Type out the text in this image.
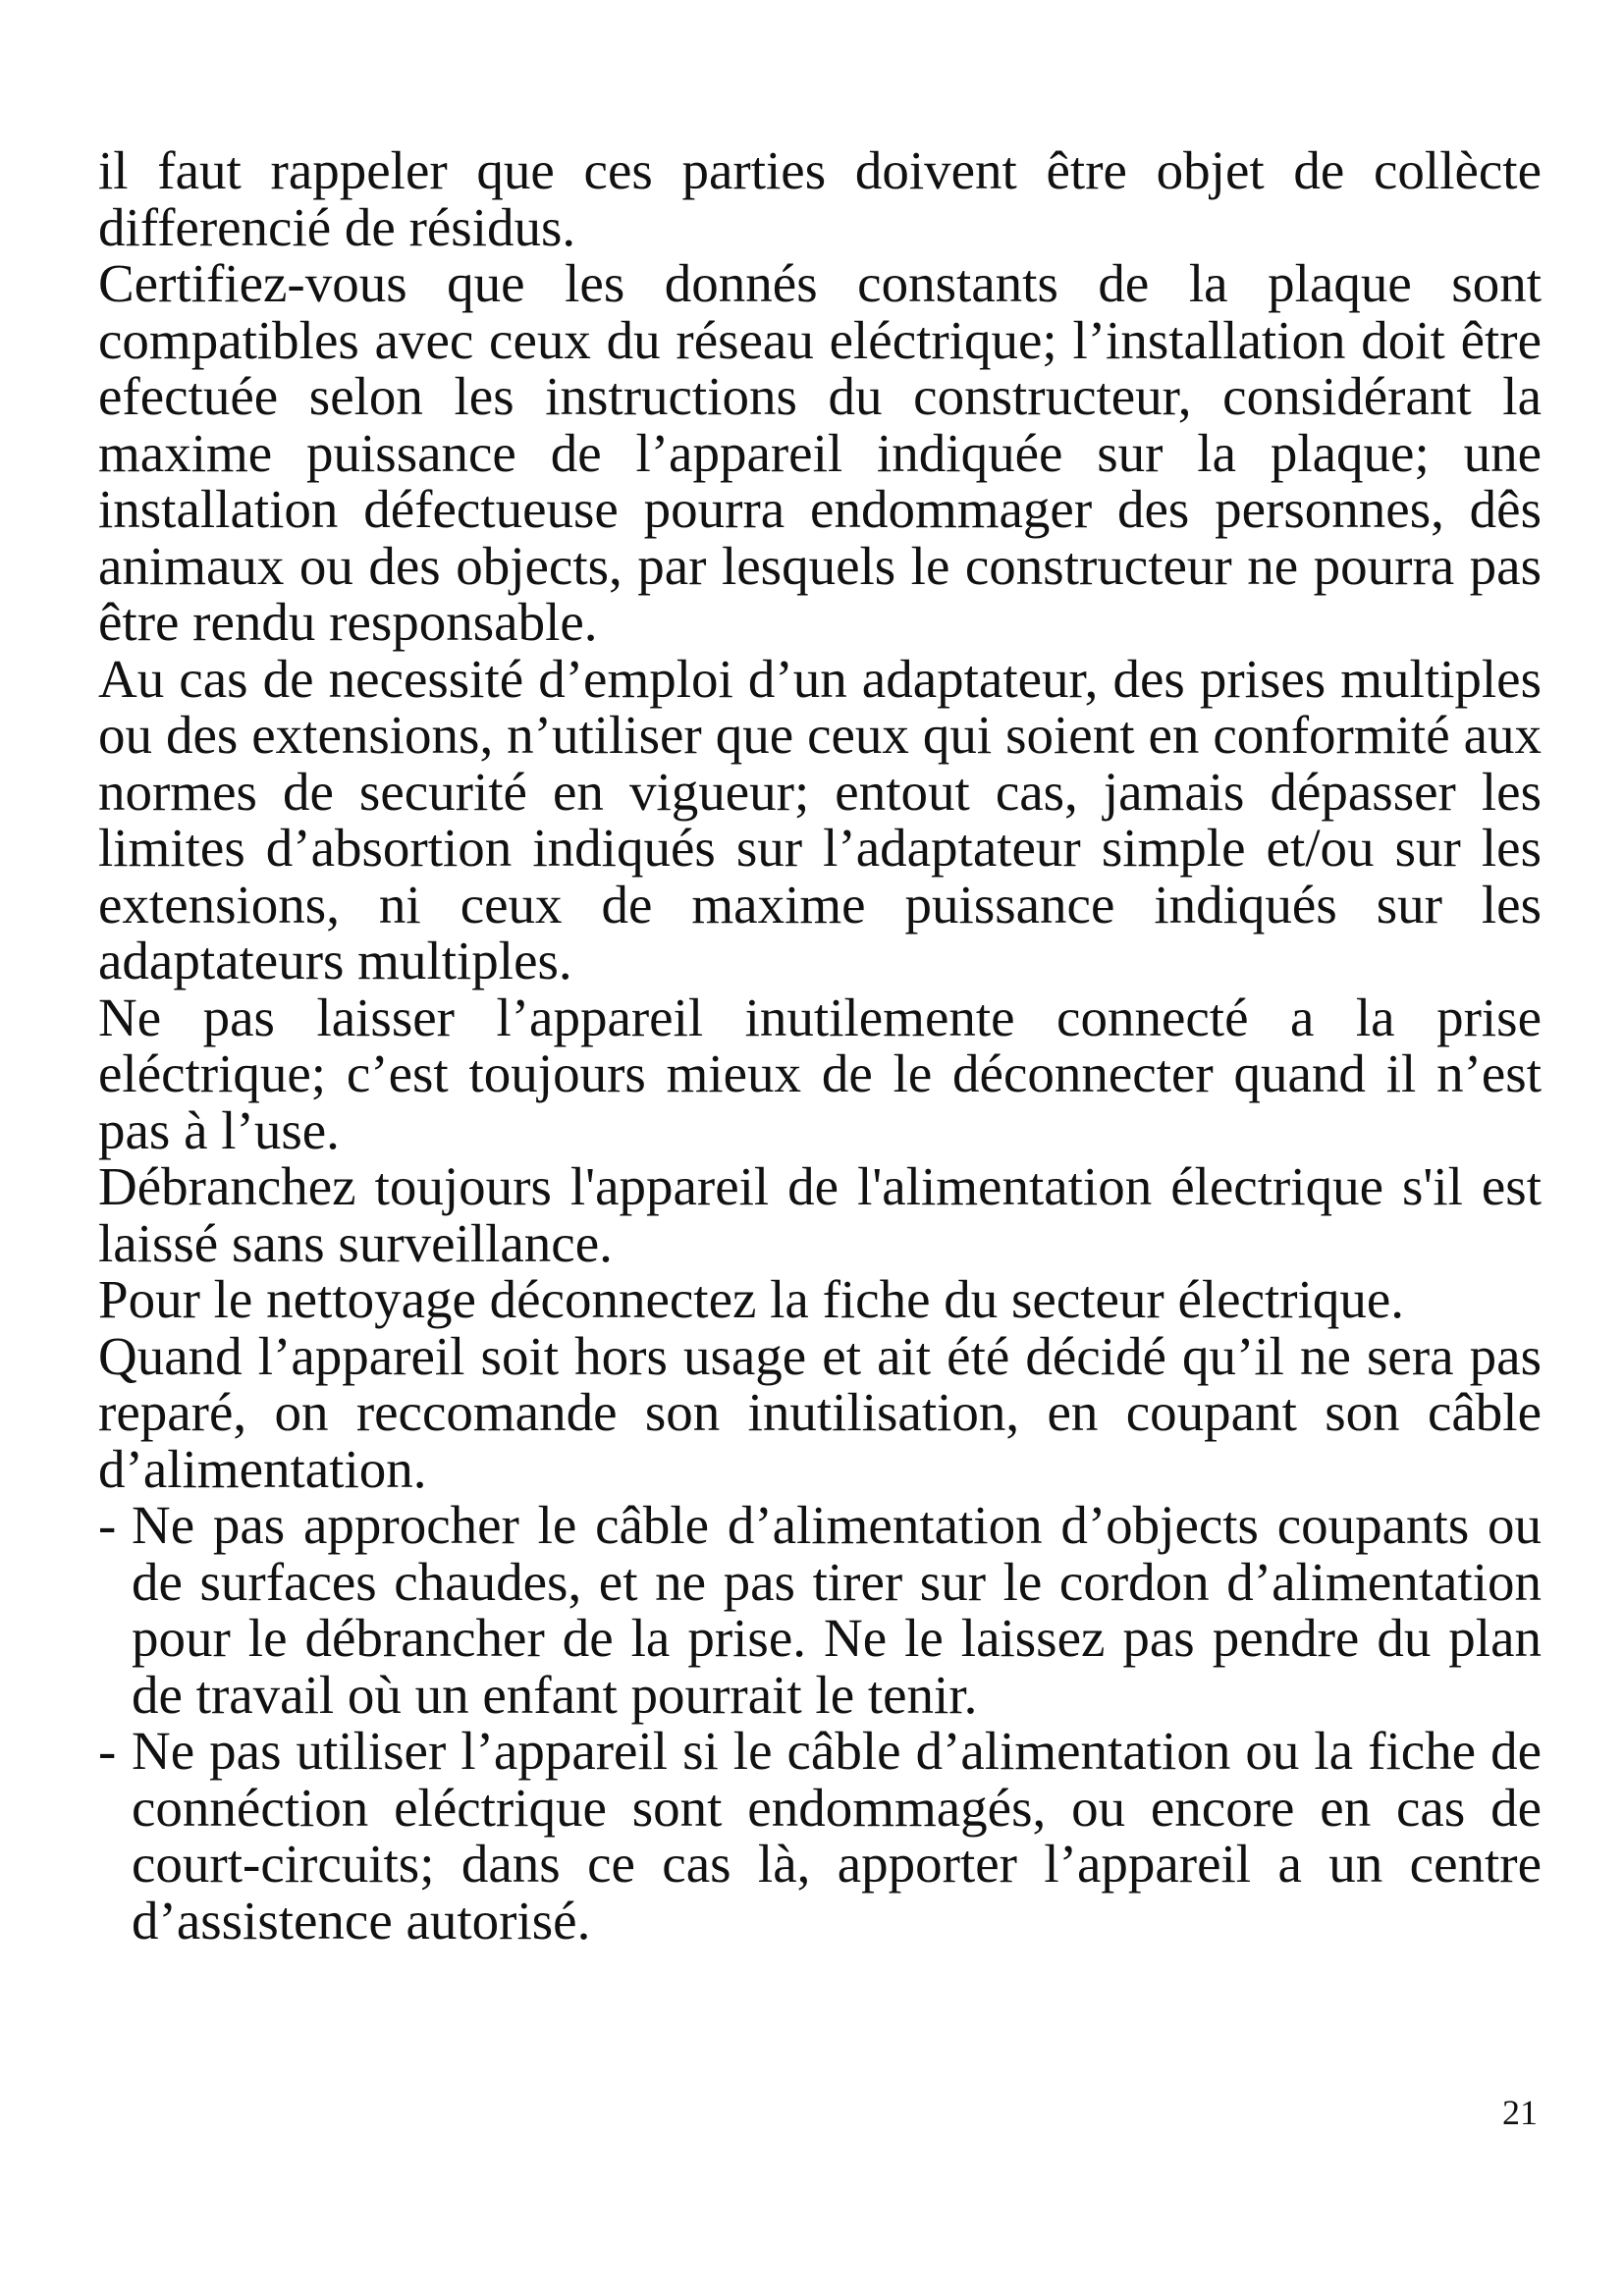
il faut rappeler que ces parties doivent être objet de collècte differencié de résidus.

Certifiez-vous que les donnés constants de la plaque sont compatibles avec ceux du réseau eléctrique; l’installation doit être efectuée selon les instructions du constructeur, considérant la maxime puissance de l’appareil indiquée sur la plaque; une installation défectueuse pourra endommager des personnes, dês animaux ou des objects, par lesquels le constructeur ne pourra pas être rendu responsable.

Au cas de necessité d’emploi d’un adaptateur, des prises multiples ou des extensions, n’utiliser que ceux qui soient en conformité aux normes de securité en vigueur; entout cas, jamais dépasser les limites d’absortion indiqués sur l’adaptateur simple et/ou sur les extensions, ni ceux de maxime puissance indiqués sur les adaptateurs multiples.

Ne pas laisser l’appareil inutilemente connecté a la prise eléctrique; c’est toujours mieux de le déconnecter quand il n’est pas à l’use.

Débranchez toujours l'appareil de l'alimentation électrique s'il est laissé sans surveillance.

Pour le nettoyage déconnectez la fiche du secteur électrique.

Quand l’appareil soit hors usage et ait été décidé qu’il ne sera pas reparé, on reccomande son inutilisation, en coupant son câble d’alimentation.

- Ne pas approcher le câble d’alimentation d’objects coupants ou de surfaces chaudes, et ne pas tirer sur le cordon d’alimentation pour le débrancher de la prise. Ne le laissez pas pendre du plan de travail où un enfant pourrait le tenir.
- Ne pas utiliser l’appareil si le câble d’alimentation ou la fiche de connéction eléctrique sont endommagés, ou encore en cas de court-circuits; dans ce cas là, apporter l’appareil a un centre d’assistence autorisé.
21
